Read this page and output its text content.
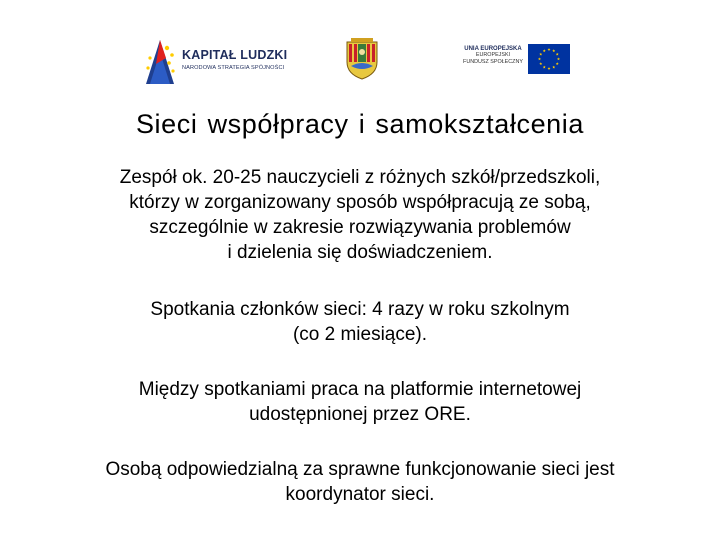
KAPITAŁ LUDZKI
NARODOWA STRATEGIA SPÓJNOŚCI
UNIA EUROPEJSKA
EUROPEJSKI
FUNDUSZ SPOŁECZNY
Sieci współpracy i samokształcenia

Zespół ok. 20-25 nauczycieli z różnych szkół/przedszkoli,
którzy w zorganizowany sposób współpracują ze sobą,
szczególnie w zakresie rozwiązywania problemów
i dzielenia się doświadczeniem.

Spotkania członków sieci: 4 razy w roku szkolnym
(co 2 miesiące).

Między spotkaniami praca na platformie internetowej
udostępnionej przez ORE.

Osobą odpowiedzialną za sprawne funkcjonowanie sieci jest
koordynator sieci.
